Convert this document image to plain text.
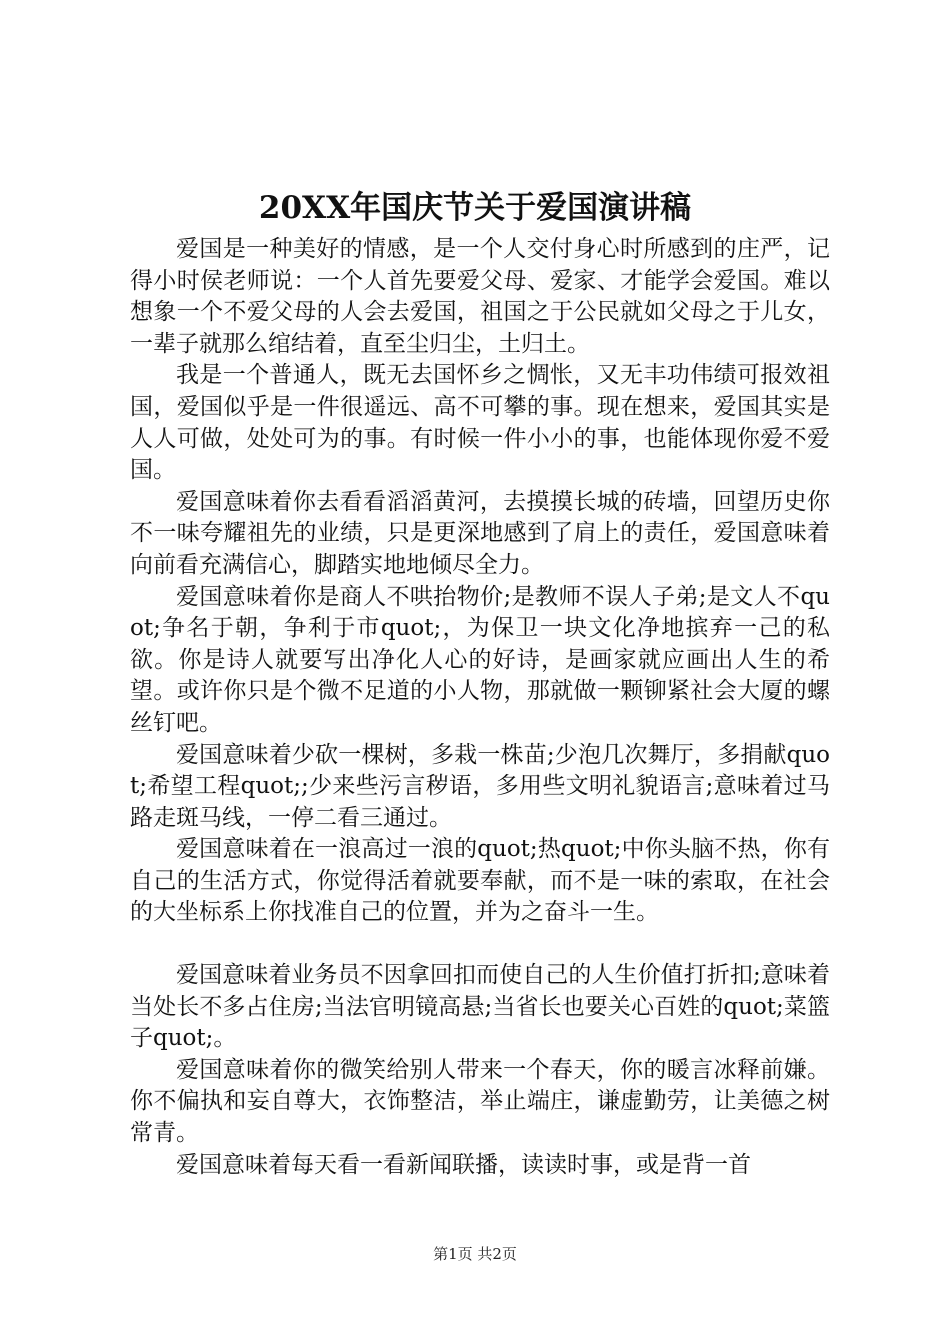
20XX年国庆节关于爱国演讲稿

爱国是一种美好的情感，是一个人交付身心时所感到的庄严，记得小时侯老师说：一个人首先要爱父母、爱家、才能学会爱国。难以想象一个不爱父母的人会去爱国，祖国之于公民就如父母之于儿女，一辈子就那么绾结着，直至尘归尘，土归土。

我是一个普通人，既无去国怀乡之惆怅，又无丰功伟绩可报效祖国，爱国似乎是一件很遥远、高不可攀的事。现在想来，爱国其实是人人可做，处处可为的事。有时候一件小小的事，也能体现你爱不爱国。

爱国意味着你去看看滔滔黄河，去摸摸长城的砖墙，回望历史你不一味夸耀祖先的业绩，只是更深地感到了肩上的责任，爱国意味着向前看充满信心，脚踏实地地倾尽全力。

爱国意味着你是商人不哄抬物价;是教师不误人子弟;是文人不quot;争名于朝，争利于市quot;，为保卫一块文化净地摈弃一己的私欲。你是诗人就要写出净化人心的好诗，是画家就应画出人生的希望。或许你只是个微不足道的小人物，那就做一颗铆紧社会大厦的螺丝钉吧。

爱国意味着少砍一棵树，多栽一株苗;少泡几次舞厅，多捐献quot;希望工程quot;;少来些污言秽语，多用些文明礼貌语言;意味着过马路走斑马线，一停二看三通过。

爱国意味着在一浪高过一浪的quot;热quot;中你头脑不热，你有自己的生活方式，你觉得活着就要奉献，而不是一味的索取，在社会的大坐标系上你找准自己的位置，并为之奋斗一生。

爱国意味着业务员不因拿回扣而使自己的人生价值打折扣;意味着当处长不多占住房;当法官明镜高悬;当省长也要关心百姓的quot;菜篮子quot;。

爱国意味着你的微笑给别人带来一个春天，你的暖言冰释前嫌。你不偏执和妄自尊大，衣饰整洁，举止端庄，谦虚勤劳，让美德之树常青。

爱国意味着每天看一看新闻联播，读读时事，或是背一首

第1页 共2页
